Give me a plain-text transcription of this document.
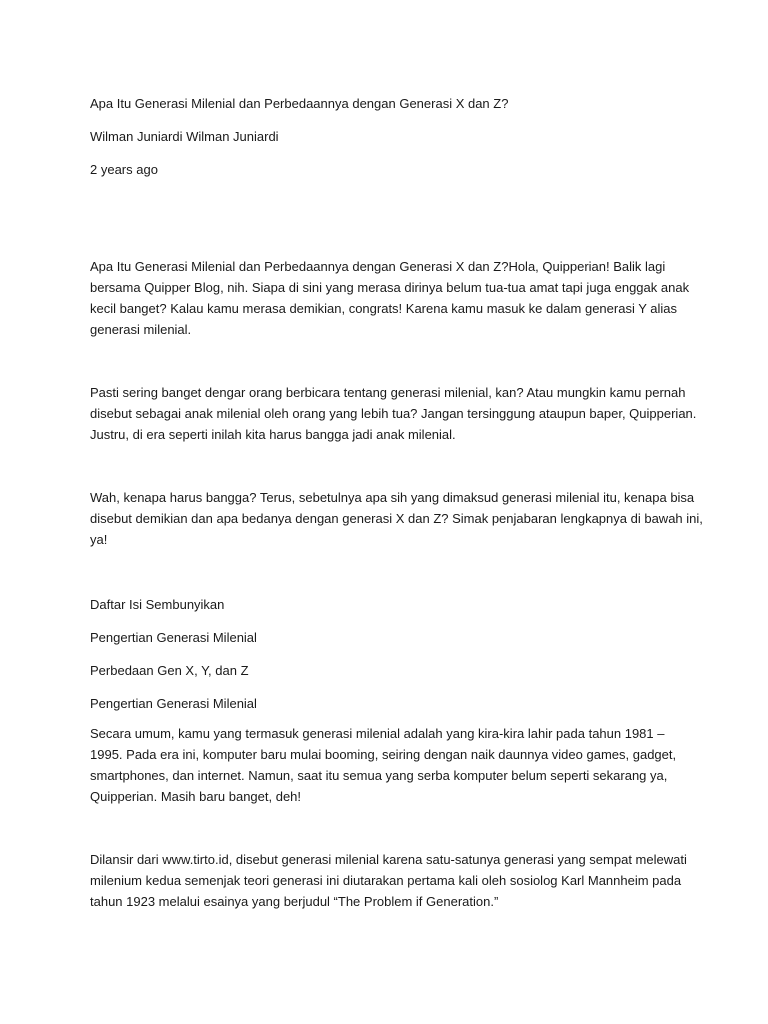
Apa Itu Generasi Milenial dan Perbedaannya dengan Generasi X dan Z?
Wilman Juniardi Wilman Juniardi
2 years ago
Apa Itu Generasi Milenial dan Perbedaannya dengan Generasi X dan Z?Hola, Quipperian! Balik lagi
bersama Quipper Blog, nih. Siapa di sini yang merasa dirinya belum tua-tua amat tapi juga enggak anak
kecil banget? Kalau kamu merasa demikian, congrats! Karena kamu masuk ke dalam generasi Y alias
generasi milenial.
Pasti sering banget dengar orang berbicara tentang generasi milenial, kan? Atau mungkin kamu pernah
disebut sebagai anak milenial oleh orang yang lebih tua? Jangan tersinggung ataupun baper, Quipperian.
Justru, di era seperti inilah kita harus bangga jadi anak milenial.
Wah, kenapa harus bangga? Terus, sebetulnya apa sih yang dimaksud generasi milenial itu, kenapa bisa
disebut demikian dan apa bedanya dengan generasi X dan Z? Simak penjabaran lengkapnya di bawah ini,
ya!
Daftar Isi Sembunyikan
Pengertian Generasi Milenial
Perbedaan Gen X, Y, dan Z
Pengertian Generasi Milenial
Secara umum, kamu yang termasuk generasi milenial adalah yang kira-kira lahir pada tahun 1981 –
1995. Pada era ini, komputer baru mulai booming, seiring dengan naik daunnya video games, gadget,
smartphones, dan internet. Namun, saat itu semua yang serba komputer belum seperti sekarang ya,
Quipperian. Masih baru banget, deh!
Dilansir dari www.tirto.id, disebut generasi milenial karena satu-satunya generasi yang sempat melewati
milenium kedua semenjak teori generasi ini diutarakan pertama kali oleh sosiolog Karl Mannheim pada
tahun 1923 melalui esainya yang berjudul “The Problem if Generation.”
